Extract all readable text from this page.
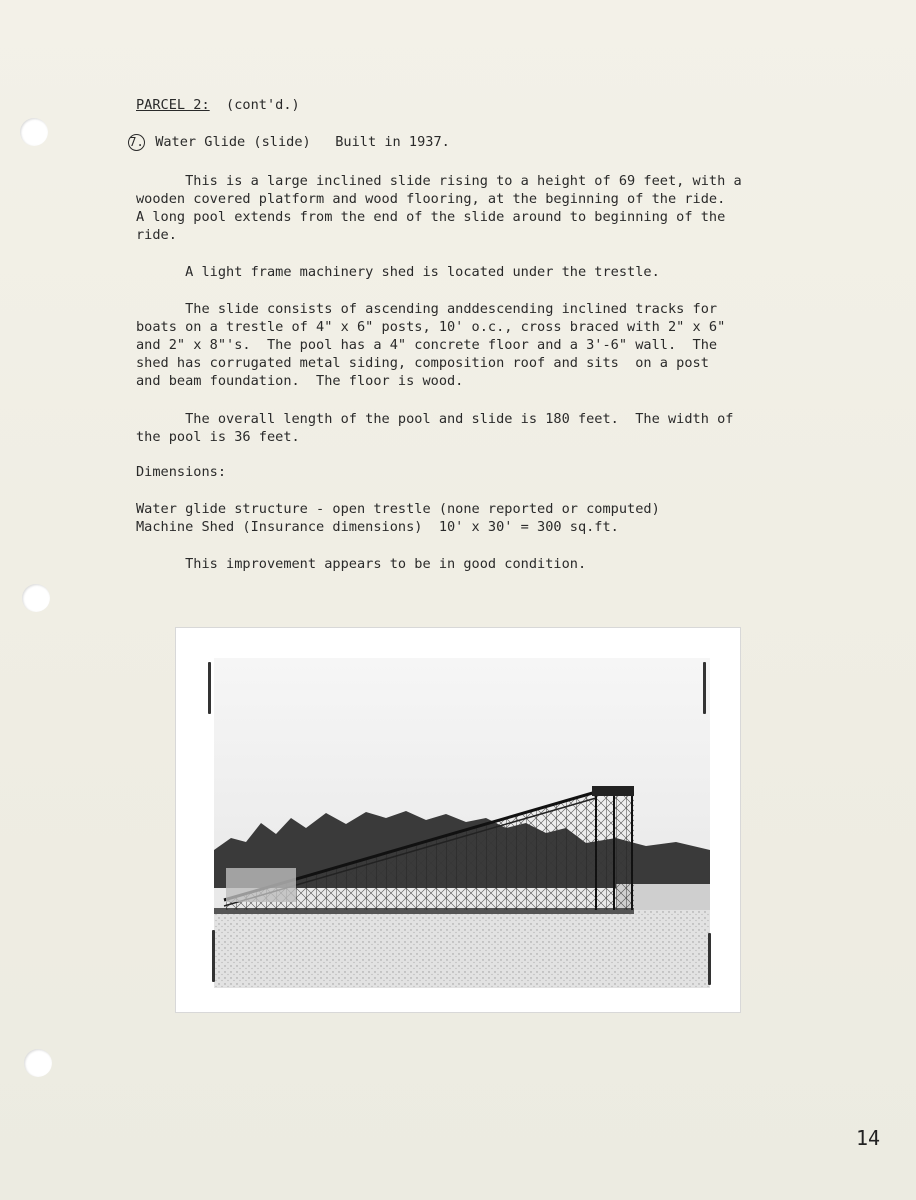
PARCEL 2: (cont'd.)
7. Water Glide (slide)   Built in 1937.
This is a large inclined slide rising to a height of 69 feet, with a
wooden covered platform and wood flooring, at the beginning of the ride.
A long pool extends from the end of the slide around to beginning of the
ride.
A light frame machinery shed is located under the trestle.
The slide consists of ascending anddescending inclined tracks for
boats on a trestle of 4" x 6" posts, 10' o.c., cross braced with 2" x 6"
and 2" x 8"'s.  The pool has a 4" concrete floor and a 3'-6" wall.  The
shed has corrugated metal siding, composition roof and sits  on a post
and beam foundation.  The floor is wood.
The overall length of the pool and slide is 180 feet.  The width of
the pool is 36 feet.
Dimensions:
Water glide structure - open trestle (none reported or computed)
Machine Shed (Insurance dimensions)  10' x 30' = 300 sq.ft.
This improvement appears to be in good condition.
14
